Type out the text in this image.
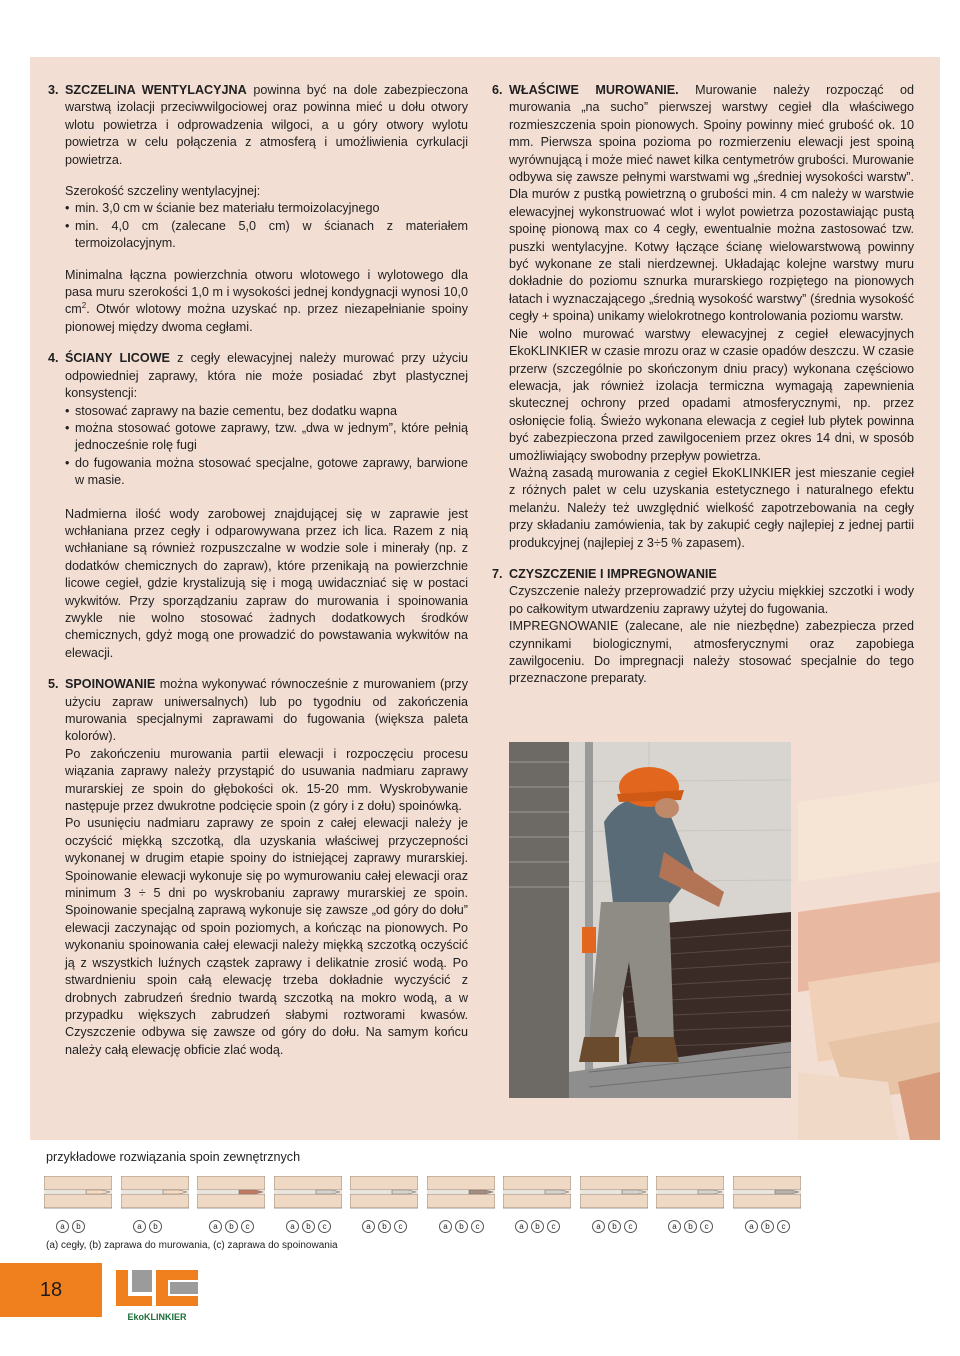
3. SZCZELINA WENTYLACYJNA powinna być na dole zabezpieczona warstwą izolacji przeciwwilgociowej oraz powinna mieć u dołu otwory wlotu powietrza i odprowadzenia wilgoci, a u góry otwory wylotu powietrza w celu połączenia z atmosferą i umożliwienia cyrkulacji powietrza.

Szerokość szczeliny wentylacyjnej:

• min. 3,0 cm w ścianie bez materiału termoizolacyjnego
• min. 4,0 cm (zalecane 5,0 cm) w ścianach z materiałem termoizolacyjnym.

Minimalna łączna powierzchnia otworu wlotowego i wylotowego dla pasa muru szerokości 1,0 m i wysokości jednej kondygnacji wynosi 10,0 $cm^2$. Otwór wlotowy można uzyskać np. przez niezapełnianie spoiny pionowej między dwoma cegłami.

4. ŚCIANY LICOWE z cegły elewacyjnej należy murować przy użyciu odpowiedniej zaprawy, która nie może posiadać zbyt plastycznej konsystencji:

• stosować zaprawy na bazie cementu, bez dodatku wapna
• można stosować gotowe zaprawy, tzw. „dwa w jednym”, które pełnią jednocześnie rolę fugi
• do fugowania można stosować specjalne, gotowe zaprawy, barwione w masie.

Nadmierna ilość wody zarobowej znajdującej się w zaprawie jest wchłaniana przez cegły i odparowywana przez ich lica. Razem z nią wchłaniane są również rozpuszczalne w wodzie sole i minerały (np. z dodatków chemicznych do zapraw), które przenikają na powierzchnie licowe cegieł, gdzie krystalizują się i mogą uwidaczniać się w postaci wykwitów. Przy sporządzaniu zapraw do murowania i spoinowania zwykle nie wolno stosować żadnych dodatkowych środków chemicznych, gdyż mogą one prowadzić do powstawania wykwitów na elewacji.

5. SPOINOWANIE można wykonywać równocześnie z murowaniem (przy użyciu zapraw uniwersalnych) lub po tygodniu od zakończenia murowania specjalnymi zaprawami do fugowania (większa paleta kolorów).

Po zakończeniu murowania partii elewacji i rozpoczęciu procesu wiązania zaprawy należy przystąpić do usuwania nadmiaru zaprawy murarskiej ze spoin do głębokości ok. 15-20 mm. Wyskrobywanie następuje przez dwukrotne podcięcie spoin (z góry i z dołu) spoinówką.

Po usunięciu nadmiaru zaprawy ze spoin z całej elewacji należy je oczyścić miękką szczotką, dla uzyskania właściwej przyczepności wykonanej w drugim etapie spoiny do istniejącej zaprawy murarskiej. Spoinowanie elewacji wykonuje się po wymurowaniu całej elewacji oraz minimum 3 ÷ 5 dni po wyskrobaniu zaprawy murarskiej ze spoin. Spoinowanie specjalną zaprawą wykonuje się zawsze „od góry do dołu” elewacji zaczynając od spoin poziomych, a kończąc na pionowych. Po wykonaniu spoinowania całej elewacji należy miękką szczotką oczyścić ją z wszystkich luźnych cząstek zaprawy i delikatnie zrosić wodą. Po stwardnieniu spoin całą elewację trzeba dokładnie wyczyścić z drobnych zabrudzeń średnio twardą szczotką na mokro wodą, a w przypadku większych zabrudzeń słabymi roztworami kwasów. Czyszczenie odbywa się zawsze od góry do dołu. Na samym końcu należy całą elewację obficie zlać wodą.

6. WŁAŚCIWE MUROWANIE. Murowanie należy rozpocząć od murowania „na sucho” pierwszej warstwy cegieł dla właściwego rozmieszczenia spoin pionowych. Spoiny powinny mieć grubość ok. 10 mm. Pierwsza spoina pozioma po rozmierzeniu elewacji jest spoiną wyrównującą i może mieć nawet kilka centymetrów grubości. Murowanie odbywa się zawsze pełnymi warstwami wg „średniej wysokości warstw”. Dla murów z pustką powietrzną o grubości min. 4 cm należy w warstwie elewacyjnej wykonstruować wlot i wylot powietrza pozostawiając pustą spoinę pionową max co 4 cegły, ewentualnie można zastosować tzw. puszki wentylacyjne. Kotwy łączące ścianę wielowarstwową powinny być wykonane ze stali nierdzewnej. Układając kolejne warstwy muru dokładnie do poziomu sznurka murarskiego rozpiętego na pionowych łatach i wyznaczającego „średnią wysokość warstwy” (średnia wysokość cegły + spoina) unikamy wielokrotnego kontrolowania poziomu warstw.

Nie wolno murować warstwy elewacyjnej z cegieł elewacyjnych EkoKLINKIER w czasie mrozu oraz w czasie opadów deszczu. W czasie przerw (szczególnie po skończonym dniu pracy) wykonana częściowo elewacja, jak również izolacja termiczna wymagają zapewnienia skutecznej ochrony przed opadami atmosferycznymi, np. przez osłonięcie folią. Świeżo wykonana elewacja z cegieł lub płytek powinna być zabezpieczona przed zawilgoceniem przez okres 14 dni, w sposób umożliwiający swobodny przepływ powietrza.

Ważną zasadą murowania z cegieł EkoKLINKIER jest mieszanie cegieł z różnych palet w celu uzyskania estetycznego i naturalnego efektu melanżu. Należy też uwzględnić wielkość zapotrzebowania na cegły przy składaniu zamówienia, tak by zakupić cegły najlepiej z jednej partii produkcyjnej (najlepiej z 3÷5 % zapasem).

7. CZYSZCZENIE I IMPREGNOWANIE

Czyszczenie należy przeprowadzić przy użyciu miękkiej szczotki i wody po całkowitym utwardzeniu zaprawy użytej do fugowania.

IMPREGNOWANIE (zalecane, ale nie niezbędne) zabezpiecza przed czynnikami biologicznymi, atmosferycznymi oraz zapobiega zawilgoceniu. Do impregnacji należy stosować specjalnie do tego przeznaczone preparaty.

przykładowe rozwiązania spoin zewnętrznych
a	b	a	b	a	b	c	a	b	c	a	b	c	a	b	c	a	b	c	a	b	c	a	b	c	a	b	c
(a) cegły, (b) zaprawa do murowania, (c) zaprawa do spoinowania
18
EkoKLINKIER
